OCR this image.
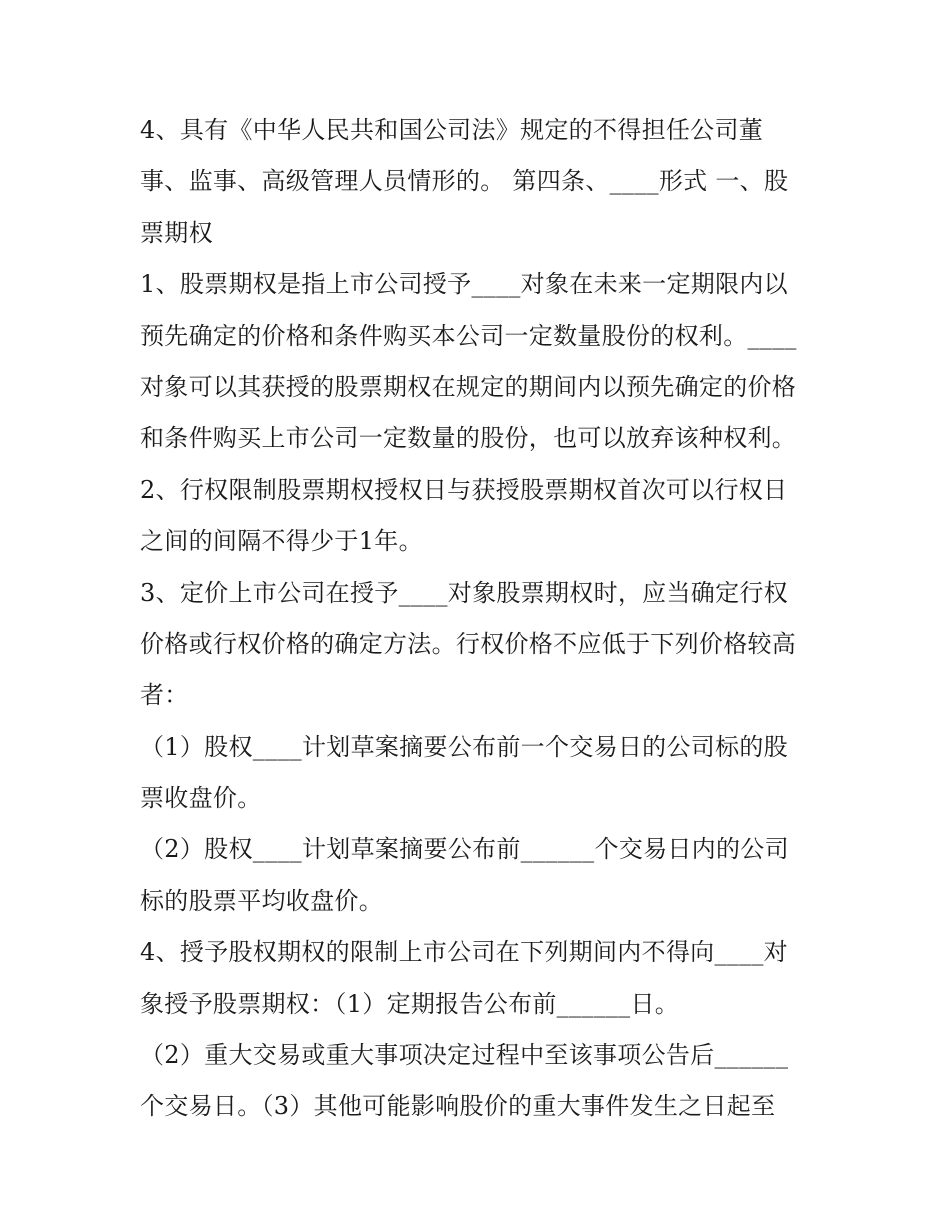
4、具有《中华人民共和国公司法》规定的不得担任公司董
事、监事、高级管理人员情形的。 第四条、____形式 一、股
票期权
1、股票期权是指上市公司授予____对象在未来一定期限内以
预先确定的价格和条件购买本公司一定数量股份的权利。____
对象可以其获授的股票期权在规定的期间内以预先确定的价格
和条件购买上市公司一定数量的股份，也可以放弃该种权利。
2、行权限制股票期权授权日与获授股票期权首次可以行权日
之间的间隔不得少于1年。
3、定价上市公司在授予____对象股票期权时，应当确定行权
价格或行权价格的确定方法。行权价格不应低于下列价格较高
者：
（1）股权____计划草案摘要公布前一个交易日的公司标的股
票收盘价。
（2）股权____计划草案摘要公布前______个交易日内的公司
标的股票平均收盘价。
4、授予股权期权的限制上市公司在下列期间内不得向____对
象授予股票期权：（1）定期报告公布前______日。
（2）重大交易或重大事项决定过程中至该事项公告后______
个交易日。（3）其他可能影响股价的重大事件发生之日起至
